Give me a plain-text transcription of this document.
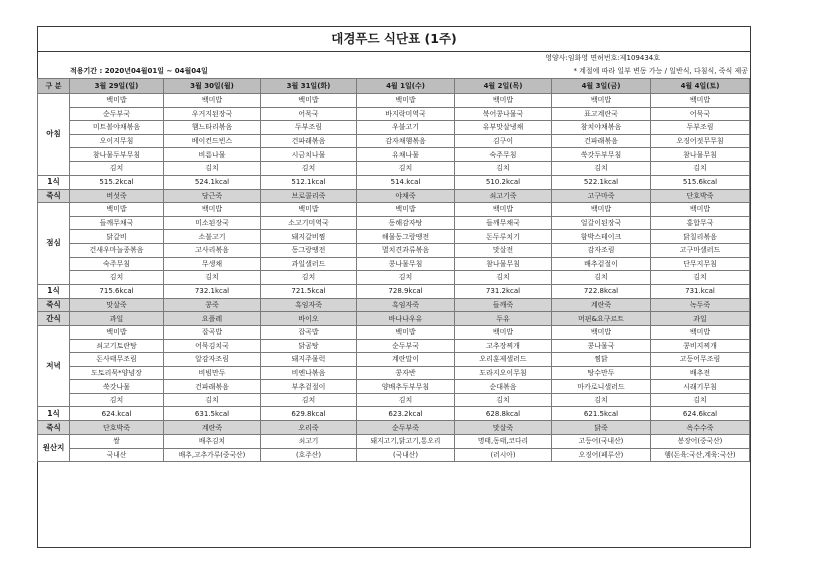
대경푸드 식단표 (1주)
영양사:임화영 면허번호:제109434호
적용기간 : 2020년04월01일 ~ 04월04일	* 계절에 따라 일부 변동 가능 / 일반식, 다침식, 죽식 제공
구 분	3월 29일(일)	3월 30일(월)	3월 31일(화)	4월 1일(수)	4월 2일(목)	4월 3일(금)	4월 4일(토)
아침	백미밥	백미밥	백미밥	백미밥	백미밥	백미밥	백미밥
	순두부국	우거지된장국	어묵국	바지락미역국	북어콩나물국	표고계란국	어묵국
	미트볼야채볶음	햄느타리볶음	두부조림	우불고기	유부맛살냉채	참치야채볶음	두부조림
	오이지무침	베이컨드빈스	건파래볶음	감자채햄볶음	김구이	건파래볶음	오징어젓무무침
	참나물두부무침	비름나물	시금치나물	유채나물	숙주무침	쑥갓두부무침	참나물무침
	김치	김치	김치	김치	김치	김치	김치
1식	515.2kcal	524.1kcal	512.1kcal	514.kcal	510.2kcal	522.1kcal	515.6kcal
죽식	버섯죽	당근죽	브로콜리죽	야채죽	쇠고기죽	고구마죽	단호박죽
점심	백미밥	백미밥	백미밥	백미밥	백미밥	백미밥	백미밥
	들깨무채국	미소된장국	소고기미역국	동해감자탕	들깨무채국	얼갈이된장국	홍합무국
	닭갈비	소불고기	돼지갈비찜	해물동그랑땡전	돈두루치기	함박스테이크	닭칠리볶음
	건새우마늘종볶음	고사리볶음	동그랑땡전	멸치견과류볶음	맛살전	감자조림	고구마샐러드
	숙주무침	무생채	과일샐러드	콩나물무침	참나물무침	배추겉절이	단무지무침
	김치	김치	김치	김치	김치	김치	김치
1식	715.6kcal	732.1kcal	721.5kcal	728.9kcal	731.2kcal	722.8kcal	731.kcal
죽식	맛살죽	콩죽	흑임자죽	흑임자죽	들깨죽	계란죽	녹두죽
간식	과일	요플레	바이오	바나나우유	두유	머핀&요구르트	과일
저녁	백미밥	잡곡밥	잡곡밥	백미밥	백미밥	백미밥	백미밥
	쇠고기토란탕	어묵김치국	닭곰탕	순두부국	고추장찌개	콩나물국	콩비지찌개
	돈사태무조림	알감자조림	돼지주물럭	계란말이	오리훈제샐러드	찜닭	고등어무조림
	도토리묵*양념장	비빔만두	비엔나볶음	콩자반	도라지오이무침	탕수만두	배추전
	쑥갓나물	건파래볶음	부추겉절이	양배추두부무침	순대볶음	마카로니샐러드	시래기무침
	김치	김치	김치	김치	김치	김치	김치
1식	624.kcal	631.5kcal	629.8kcal	623.2kcal	628.8kcal	621.5kcal	624.6kcal
죽식	단호박죽	계란죽	오리죽	순두부죽	맛살죽	닭죽	옥수수죽
원산지	쌀	배추김치	쇠고기	돼지고기,닭고기,통오리	명태,동태,코다리	고등어(국내산)	봉장어(중국산)
	국내산	배추,고추가루(중국산)	(호주산)	(국내산)	(러시아)	오징어(페루산)	햄(돈육:국산,계육:국산)
